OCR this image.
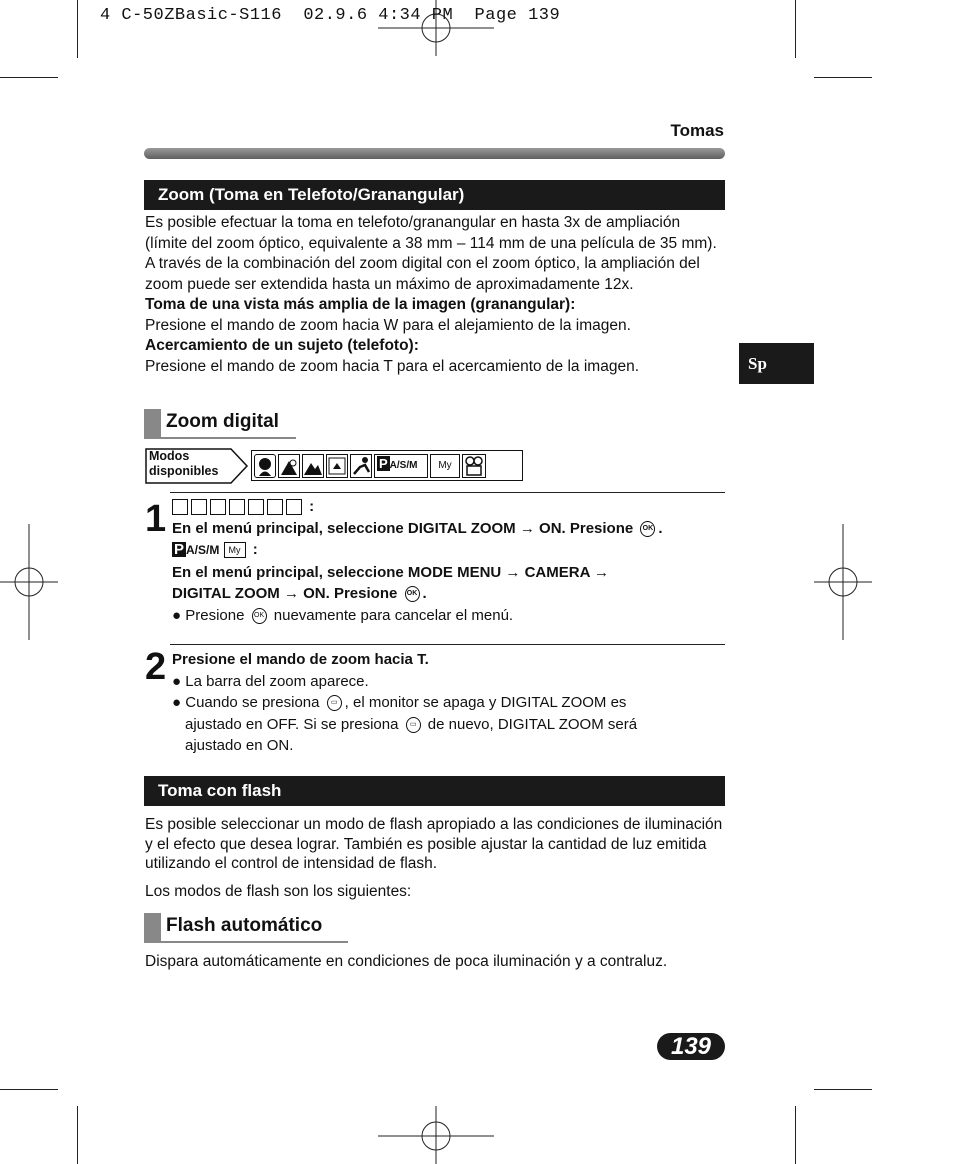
4 C-50ZBasic-S116  02.9.6 4:34 PM  Page 139
Tomas
Sp
Zoom (Toma en Telefoto/Granangular)

Es posible efectuar la toma en telefoto/granangular en hasta 3x de ampliación (límite del zoom óptico, equivalente a 38 mm – 114 mm de una película de 35 mm). A través de la combinación del zoom digital con el zoom óptico, la ampliación del zoom puede ser extendida hasta un máximo de aproximadamente 12x.

Toma de una vista más amplia de la imagen (granangular):

Presione el mando de zoom hacia W para el alejamiento de la imagen.

Acercamiento de un sujeto (telefoto):

Presione el mando de zoom hacia T para el acercamiento de la imagen.

Zoom digital
Modos
disponibles
P A/S/M	My
1	:
En el menú principal, seleccione DIGITAL ZOOM → ON. Presione OK .
P A/S/M My :
En el menú principal, seleccione MODE MENU → CAMERA →
DIGITAL ZOOM → ON. Presione OK .
● Presione OK nuevamente para cancelar el menú.
2 Presione el mando de zoom hacia T.
● La barra del zoom aparece.
● Cuando se presiona ▭ , el monitor se apaga y DIGITAL ZOOM es
ajustado en OFF. Si se presiona ▭ de nuevo, DIGITAL ZOOM será
ajustado en ON.
Toma con flash

Es posible seleccionar un modo de flash apropiado a las condiciones de iluminación y el efecto que desea lograr. También es posible ajustar la cantidad de luz emitida utilizando el control de intensidad de flash.

Los modos de flash son los siguientes:

Flash automático
Dispara automáticamente en condiciones de poca iluminación y a contraluz.
139
